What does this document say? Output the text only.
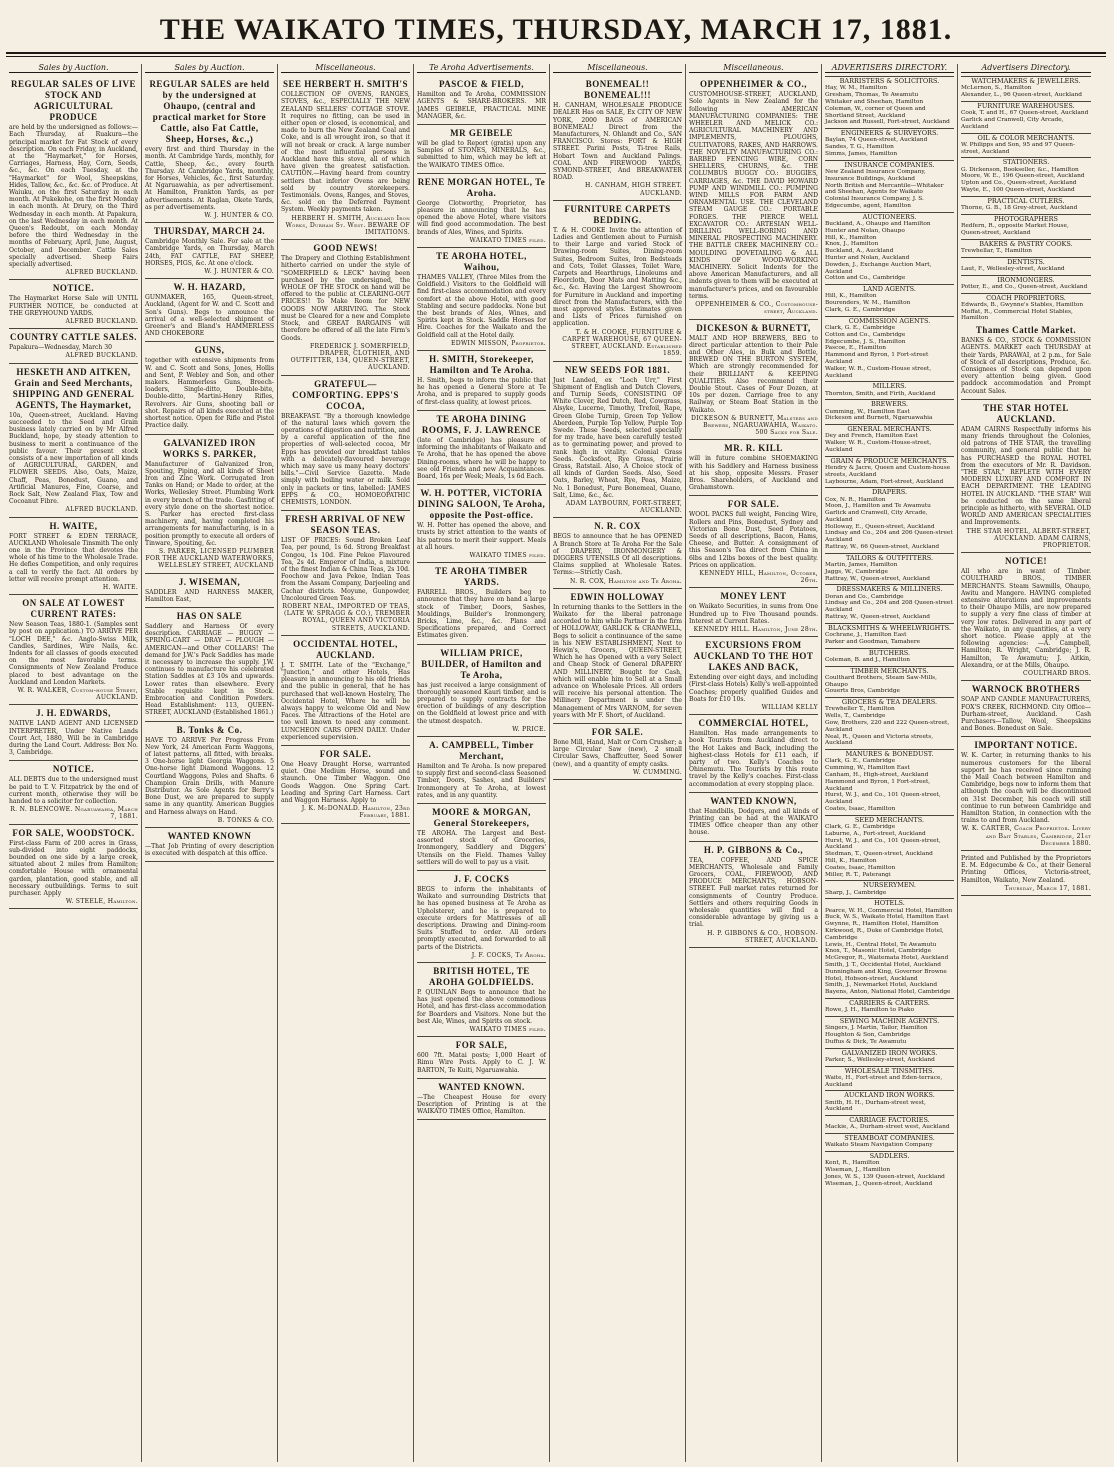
THE WAIKATO TIMES, THURSDAY, MARCH 17, 1881.
Sales by Auction.
REGULAR SALES OF LIVE STOCK AND AGRICULTURAL PRODUCE

are held by the undersigned as follows:— Each Thursday, at Ruakura—the principal market for Fat Stock of every description. On each Friday, in Auckland, at the "Haymarket," for Horses, Carriages, Harness, Hay, Corn, Seeds, &c., &c. On each Tuesday, at the "Haymarket" for Wool, Sheepskins, Hides, Tallow, &c., &c. &c. of Produce. At Waiuku, on the first Saturday in each month. At Pukekohe, on the first Monday in each month. At Drury, on the Third Wednesday in each month. At Papakura, on the last Wednesday in each month. At Queen's Redoubt, on each Monday before the third Wednesday in the months of February, April, June, August, October, and December. Cattle Sales specially advertised. Sheep Fairs specially advertised.

ALFRED BUCKLAND.
NOTICE.

The Haymarket Horse Sale will UNTIL FURTHER NOTICE, be conducted at THE GREYHOUND YARDS.

ALFRED BUCKLAND.
COUNTRY CATTLE SALES.

Papakura—Wednesday, March 30

ALFRED BUCKLAND.
HESKETH AND AITKEN, Grain and Seed Merchants, SHIPPING AND GENERAL AGENTS, The Haymarket,

10a, Queen-street, Auckland. Having succeeded to the Seed and Grain business lately carried on by Mr Alfred Buckland, hope, by steady attention to business to merit a continuance of the public favour. Their present stock consists of a new importation of all kinds of AGRICULTURAL, GARDEN, and FLOWER SEEDS. Also, Oats, Maize, Chaff, Peas, Bonedust, Guano, and Artificial Manures, Fine, Coarse, and Rock Salt, New Zealand Flax, Tow and Cocoanut Fibre.

ALFRED BUCKLAND.
H. WAITE,

FORT STREET & EDEN TERRACE, AUCKLAND Wholesale Tinsmith The only one in the Province that devotes the whole of his time to the Wholesale Trade. He defies Competition, and only requires a call to verify the fact. All orders by letter will receive prompt attention.

H. WAITE.
ON SALE AT LOWEST CURRENT RATES:

New Season Teas, 1880-1. (Samples sent by post on application.) TO ARRIVE PER "LOCH DEE," &c. Anglo-Swiss Milk, Candles, Sardines, Wire Nails, &c. Indents for all classes of goods executed on the most favorable terms. Consignments of New Zealand Produce placed to best advantage on the Auckland and London Markets.

W. R. WALKER, Custom-house Street, AUCKLAND.
J. H. EDWARDS,

NATIVE LAND AGENT AND LICENSED INTERPRETER, Under Native Lands Court Act, 1880, Will be in Cambridge during the Land Court. Address: Box No. 3, Cambridge.

NOTICE.

ALL DEBTS due to the undersigned must be paid to T. V. Fitzpatrick by the end of current month, otherwise they will be handed to a solicitor for collection.

R. N. BLENCOWE. Ngaruawahia, March 7, 1881.
FOR SALE, WOODSTOCK.

First-class Farm of 200 acres in Grass, sub-divided into eight paddocks, bounded on one side by a large creek, situated about 2 miles from Hamilton; comfortable House with ornamental garden, plantation, good stable, and all necessary outbuildings. Terms to suit purchaser. Apply

W. STEELE, Hamilton.
Sales by Auction.
REGULAR SALES are held by the undersigned at Ohaupo, (central and practical market for Store Cattle, also Fat Cattle, Sheep, Horses, &c.,)

every first and third Thursday in the month. At Cambridge Yards, monthly, for Cattle, Sheep, &c., every fourth Thursday. At Cambridge Yards, monthly, for Horses, Vehicles, &c., first Saturday. At Ngaruawahia, as per advertisement. At Hamilton, Frankton Yards, as per advertisements. At Raglan, Okete Yards, as per advertisements.

W. J. HUNTER & CO.
THURSDAY, MARCH 24.

Cambridge Monthly Sale. For sale at the Cambridge Yards, on Thursday, March 24th, FAT CATTLE, FAT SHEEP, HORSES, PIGS, &c. At one o'clock.

W. J. HUNTER & CO.
W. H. HAZARD,

GUNMAKER, 165, Queen-street, Auckland, (Agent for W. and C. Scott and Son's Guns). Begs to announce the arrival of a well-selected shipment of Greener's and Bland's HAMMERLESS AND CHOKEBORE

GUNS,

together with extensive shipments from W. and C. Scott and Sons, Jones, Hollis and Sent, P. Webley and Son, and other makers. Hammerless Guns, Breech-loaders, Single-ditto, Double-bite, Double-ditto, Martini-Henry Rifles, Revolvers. Air Guns, shooting ball or shot. Repairs of all kinds executed at the shortest notice. Open for Rifle and Pistol Practice daily.

GALVANIZED IRON WORKS S. PARKER,

Manufacturer of Galvanized Iron, Spouting, Piping, and all kinds of Sheet Iron and Zinc Work. Corrugated Iron Tanks on Hand; or Made to order, at the Works, Wellesley Street. Plumbing Work in every branch of the trade. Gasfitting of every style done on the shortest notice. S. Parker has erected first-class machinery, and, having completed his arrangements for manufacturing, is in a position promptly to execute all orders of Tinware, Spouting, &c.

S. PARKER, LICENSED PLUMBER FOR THE AUCKLAND WATERWORKS, WELLESLEY STREET, AUCKLAND
J. WISEMAN,

SADDLER AND HARNESS MAKER, Hamilton East,

HAS ON SALE

Saddlery and Harness Of every description. CARRIAGE — BUGGY — SPRING-CART — DRAY — PLOUGH — AMERICAN—and Other COLLARS! The demand for J.W.'s Pack Saddles has made it necessary to increase the supply. J.W. continues to manufacture his celebrated Station Saddles at £3 10s and upwards. Lower rates than elsewhere. Every Stable requisite kept in Stock. Embrocation and Condition Powders. Head Establishment: 113, QUEEN-STREET, AUCKLAND (Established 1861.)

B. Tonks & Co.

HAVE TO ARRIVE Per Progress From New York, 24 American Farm Waggons, of latest patterns, all fitted, with breaks. 3 One-horse light Georgia Waggons. 5 One-horse light Diamond Waggons. 12 Courtland Waggons, Poles and Shafts. 6 Champion Grain Drills, with Manure Distributor. As Sole Agents for Berry's Bone Dust, we are prepared to supply same in any quantity. American Buggies and Harness always on Hand.

B. TONKS & CO.
WANTED KNOWN

—That Job Printing of every description is executed with despatch at this office.

Miscellaneous.
SEE HERBERT H. SMITH'S

COLLECTION OF OVENS, RANGES, STOVES, &c., ESPECIALLY THE NEW ZEALAND SELLERS' COTTAGE STOVE. It requires no fitting, can be used in either open or closed, is economical, and made to burn the New Zealand Coal and Coke, and is all wrought iron, so that it will not break or crack. A large number of the most influential persons in Auckland have this stove, all of which have given the greatest satisfaction. CAUTION.—Having heard from country settlers that inferior Ovens are being sold by country storekeepers. Testimonials. Ovens, Ranges, and Stoves, &c. sold on the Deferred Payment System. Weekly payments taken.

HERBERT H. SMITH, Auckland Iron Works, Durham St. West. BEWARE OF IMITATIONS.
GOOD NEWS!

The Drapery and Clothing Establishment hitherto carried on under the style of "SOMERFIELD & LECK" having been purchased by the undersigned, the WHOLE OF THE STOCK on hand will be offered to the public at CLEARING-OUT PRICES!! To Make Room for NEW GOODS NOW ARRIVING. The Stock must be Cleared for a new and Complete Stock, and GREAT BARGAINS will therefore be offered of all the late Firm's Goods.

FREDERICK J. SOMERFIELD, DRAPER, CLOTHIER, AND OUTFITTER, 134, QUEEN-STREET, AUCKLAND.
GRATEFUL—COMFORTING. EPPS'S COCOA,

BREAKFAST. "By a thorough knowledge of the natural laws which govern the operations of digestion and nutrition, and by a careful application of the fine properties of well-selected cocoa, Mr Epps has provided our breakfast tables with a delicately-flavoured beverage which may save us many heavy doctors' bills."—Civil Service Gazette. Made simply with boiling water or milk. Sold only in packets or tins, labelled: JAMES EPPS & CO., HOMOEOPATHIC CHEMISTS, LONDON.

FRESH ARRIVAL OF NEW SEASON TEAS.

LIST OF PRICES: Sound Broken Leaf Tea, per pound, 1s 6d. Strong Breakfast Congou, 1s 10d. Fine Pekoe Flavoured Tea, 2s 4d. Emperor of India, a mixture of the finest Indian & China Teas, 2s 10d. Foochow and Java Pekoe, Indian Teas from the Assam Company, Darjeeling and Cachar districts. Moyune, Gunpowder, Uncoloured Green Teas.

ROBERT NEAL, IMPORTED OF TEAS, (LATE W. SPRAGG & CO.), TREMBER ROYAL, QUEEN AND VICTORIA STREETS, AUCKLAND.
OCCIDENTAL HOTEL, AUCKLAND.

J. T. SMITH. Late of the "Exchange," "Junction," and other Hotels, Has pleasure in announcing to his old friends and the public in general, that he has purchased that well-known Hostelry, The Occidental Hotel, Where he will be always happy to welcome Old and New Faces. The Attractions of the Hotel are too well known to need any comment. LUNCHEON CARS OPEN DAILY. Under experienced supervision.

FOR SALE.

One Heavy Draught Horse, warranted quiet. One Medium Horse, sound and staunch. One Timber Waggon. One Goods Waggon. One Spring Cart. Leading and Spring Cart Harness. Cart and Waggon Harness. Apply to

J. K. McDONALD. Hamilton, 23rd February, 1881.
Te Aroha Advertisements.
PASCOE & FIELD,

Hamilton and Te Aroha, COMMISSION AGENTS & SHARE-BROKERS. MR JAMES GEIBELE, PRACTICAL MINE MANAGER, &c.

MR GEIBELE

will be glad to Report (gratis) upon any Samples of STONES, MINERALS, &c., submitted to him, which may be left at the WAIKATO TIMES Office.

RENE MORGAN HOTEL, Te Aroha.

George Clotworthy, Proprietor, has pleasure in announcing that he has opened the above Hotel, where visitors will find good accommodation. The best brands of Ales, Wines, and Spirits.

WAIKATO TIMES filed.
TE AROHA HOTEL, Waihou,

THAMES VALLEY, (Three Miles from the Goldfield.) Visitors to the Goldfield will find first-class accommodation and every comfort at the above Hotel, with good Stabling and secure paddocks. None but the best brands of Ales, Wines, and Spirits kept in Stock. Saddle Horses for Hire. Coaches for the Waikato and the Goldfield call at the Hotel daily.

EDWIN MISSON, Proprietor.
H. SMITH, Storekeeper, Hamilton and Te Aroha.

H. Smith, begs to inform the public that he has opened a General Store at Te Aroha, and is prepared to supply goods of first-class quality, at lowest prices.

TE AROHA DINING ROOMS, F. J. LAWRENCE

(late of Cambridge) has pleasure of informing the inhabitants of Waikato and Te Aroha, that he has opened the above Dining-rooms, where he will be happy to see old Friends and new Acquaintances. Board, 16s per Week; Meals, 1s 6d Each.

W. H. POTTER, VICTORIA DINING SALOON, Te Aroha, opposite the Post-office.

W. H. Potter has opened the above, and trusts by strict attention to the wants of his patrons to merit their support. Meals at all hours.

WAIKATO TIMES filed.
TE AROHA TIMBER YARDS.

FARRELL BROS., Builders beg to announce that they have on hand a large stock of Timber, Doors, Sashes, Mouldings, Builder's Ironmongery, Bricks, Lime, &c., &c. Plans and Specifications prepared, and Correct Estimates given.

WILLIAM PRICE, BUILDER, of Hamilton and Te Aroha,

has just received a large consignment of thoroughly seasoned Kauri timber, and is prepared to supply contracts for the erection of buildings of any description on the Goldfield at lowest price and with the utmost despatch.

W. PRICE.
A. CAMPBELL, Timber Merchant,

Hamilton and Te Aroha. Is now prepared to supply first and second-class Seasoned Timber, Doors, Sashes, and Builders' Ironmongery at Te Aroha, at lowest rates, and in any quantity.

MOORE & MORGAN, General Storekeepers,

TE AROHA. The Largest and Best-assorted stock of Groceries, Ironmongery, Saddlery and Diggers' Utensils on the Field. Thames Valley settlers will do well to pay us a visit.

J. F. COCKS

BEGS to inform the inhabitants of Waikato and surrounding Districts that he has opened business at Te Aroha as Upholsterer, and he is prepared to execute orders for Mattresses of all descriptions. Drawing and Dining-room Suits Stuffed to order. All orders promptly executed, and forwarded to all parts of the Districts.

J. F. COCKS, Te Aroha.
BRITISH HOTEL, TE AROHA GOLDFIELDS.

P. QUINLAN Begs to announce that he has just opened the above commodious Hotel, and has first-class accommodation for Boarders and Visitors. None but the best Ale, Wines, and Spirits on stock.

WAIKATO TIMES filed.
FOR SALE,

600 7ft. Matai posts; 1,000 Heart of Rimu Wire Posts. Apply to C. J. W. BARTON, Te Kuiti, Ngaruawahia.

WANTED KNOWN.

—The Cheapest House for every Description of Printing is at the WAIKATO TIMES Office, Hamilton.

Miscellaneous.
BONEMEAL!! BONEMEAL!!!

H. CANHAM, WHOLESALE PRODUCE DEALER Has on SALE, Ex CITY OF NEW YORK, 2000 BAGS of AMERICAN BONEMEAL! Direct from the Manufacturers, N. Ohlandt and Co., SAN FRANCISCO. Stores: FORT & HIGH STREET. Parini Posts, Ti-tree Rails, Hobart Town and Auckland Palings. COAL AND FIREWOOD YARDS, SYMOND-STREET, And BREAKWATER ROAD.

H. CANHAM, HIGH STREET. AUCKLAND.
FURNITURE CARPETS BEDDING.

T. & H. COOKE Invite the attention of Ladies and Gentlemen about to Furnish to their Large and varied Stock of Drawing-room Suites, Dining-room Suites, Bedroom Suites, Iron Bedsteads and Cots, Toilet Glasses, Toilet Ware, Carpets and Hearthrugs, Linoleums and Floorcloth, Door Mats and Matting &c., &c., &c. Having the Largest Showroom for Furniture in Auckland and importing direct from the Manufacturers, with the most approved styles. Estimates given and Lists of Prices furnished on application.

T. & H. COOKE, FURNITURE & CARPET WAREHOUSE, 67 QUEEN-STREET, AUCKLAND. Established 1859.
NEW SEEDS FOR 1881.

Just Landed, ex "Loch Urr," First Shipment of English and Dutch Clovers, and Turnip Seeds, CONSISTING OF White Clover, Red Dutch, Red, Cowgrass, Alsyke, Lucerne, Timothy, Trefoil, Rape, Green Globe Turnip, Green Top Yellow Aberdeen, Purple Top Yellow, Purple Top Swede. These Seeds, selected specially for my trade, have been carefully tested as to germinating power, and proved to rank high in vitality. Colonial Grass Seeds. Cocksfoot, Rye Grass, Prairie Grass, Ratstail. Also, A Choice stock of all kinds of Garden Seeds. Also, Seed Oats, Barley, Wheat, Rye, Peas, Maize, No. 1 Bonedust, Pure Bonemeal, Guano, Salt, Lime, &c., &c.

ADAM LAYBOURN, FORT-STREET, AUCKLAND.
N. R. COX

BEGS to announce that he has OPENED A Branch Store at Te Aroha For the Sale of DRAPERY, IRONMONGERY & DIGGERS UTENSILS Of all descriptions. Claims supplied at Wholesale Rates. Terms:—Strictly Cash.

N. R. COX, Hamilton and Te Aroha.
EDWIN HOLLOWAY

In returning thanks to the Settlers in the Waikato for the liberal patronage accorded to him while Partner in the firm of HOLLOWAY, GARLICK & CRANWELL, Begs to solicit a continuance of the same in his NEW ESTABLISHMENT, Next to Hewin's, Grocers, QUEEN-STREET, Which he has Opened with a very Select and Cheap Stock of General DRAPERY AND MILLINERY, Bought for Cash, which will enable him to Sell at a Small advance on Wholesale Prices. All orders will receive his personal attention. The Millinery Department is under the Management of Mrs VARNOM, for seven years with Mr F. Short, of Auckland.

FOR SALE.

Bone Mill, Hand, Malt or Corn Crusher; a large Circular Saw (new), 2 small Circular Saws, Chaffcutter, Seed Sower (new), and a quantity of empty casks.

W. CUMMING.
Miscellaneous.
OPPENHEIMER & CO.,

CUSTOMHOUSE-STREET, AUCKLAND, Sole Agents in New Zealand for the following AMERICAN MANUFACTURING COMPANIES: THE WHEELER AND MELICK CO.: AGRICULTURAL MACHINERY AND IMPLEMENTS, PLOUGHS, CULTIVATORS, RAKES, AND HARROWS. THE NOVELTY MANUFACTURING CO.: BARBED FENCING WIRE, CORN SHELLERS, CHURNS, &c. THE COLUMBUS BUGGY CO.: BUGGIES, CARRIAGES, &c. THE DAVID HOWARD PUMP AND WINDMILL CO.: PUMPING WIND MILLS FOR FARM AND ORNAMENTAL USE. THE CLEVELAND STEAM GAUGE CO.: PORTABLE FORGES. THE PIERCE WELL EXCAVATOR CO.: ARTESIAN WELL-DRILLING WELL-BORING AND MINERAL PROSPECTING MACHINERY. THE BATTLE CREEK MACHINERY CO.: MOULDING DOVETAILING & ALL KINDS OF WOOD-WORKING MACHINERY. Solicit Indents for the above American Manufacturers, and all indents given to them will be executed at manufacturer's prices, and on favourable terms.

OPPENHEIMER & CO., Customhouse-street, Auckland.
DICKESON & BURNETT,

MALT AND HOP BREWERS, BEG to direct particular attention to their Pale and Other Ales, in Bulk and Bottle, BREWED ON THE BURTON SYSTEM, Which are strongly recommended for their BRILLIANT & KEEPING QUALITIES. Also recommend their Double Stout. Cases of Four Dozen, at 10s per dozen. Carriage free to any Railway, or Steam Boat Station in the Waikato.

DICKESON & BURNETT, Malsters and Brewers, NGARUAWAHIA, Waikato. 500 Sacks for Sale.
MR. R. KILL

will in future combine SHOEMAKING with his Saddlery and Harness business at his shop, opposite Messrs. Fraser Bros. Shareholders, of Auckland and Grahamstown.

FOR SALE.

WOOL PACKS full weight, Fencing Wire, Rollers and Pins, Bonedust, Sydney and Victorian Bone Dust, Seed Potatoes, Seeds of all descriptions, Bacon, Hams, Cheese, and Butter. A consignment of this Season's Tea direct from China in 6lbs and 12lbs boxes of the best quality. Prices on application.

KENNEDY HILL, Hamilton, October, 26th.
MONEY LENT

on Waikato Securities, in sums from One Hundred up to Five Thousand pounds. Interest at Current Rates.

KENNEDY HILL. Hamilton, June 28th.
EXCURSIONS FROM AUCKLAND TO THE HOT LAKES AND BACK,

Extending over eight days, and including (First-class Hotels) Kelly's well-appointed Coaches; properly qualified Guides and Boats for £10 10s.

WILLIAM KELLY
COMMERCIAL HOTEL,

Hamilton. Has made arrangements to book Tourists from Auckland direct to the Hot Lakes and Back, including the highest-class Hotels for £11 each, if party of two. Kelly's Coaches to Ohinemutu. The Tourists by this route travel by the Kelly's coaches. First-class accommodation at every stopping place.

WANTED KNOWN,

that Handbills, Dodgers, and all kinds of Printing can be had at the WAIKATO TIMES Office cheaper than any other house.

H. P. GIBBONS & Co.,

TEA, COFFEE, AND SPICE MERCHANTS, Wholesale and Family Grocers, COAL, FIREWOOD, AND PRODUCE MERCHANTS, HOBSON-STREET. Full market rates returned for consignments of Country Produce. Settlers and others requiring Goods in wholesale quantities will find a considerable advantage by giving us a trial.

H. P. GIBBONS & CO., HOBSON-STREET, AUCKLAND.
ADVERTISERS DIRECTORY.
BARRISTERS & SOLICITORS.
Hay, W. M., Hamilton
Gresham, Thomas, Te Awamutu
Whitaker and Sheehan, Hamilton
Coleman, W., corner of Queen and Shortland Street, Auckland
Jackson and Russell, Fort-street, Auckland
ENGINEERS & SURVEYORS.
Baylan, 74 Queen-street, Auckland
Sandes, T. G., Hamilton
Simms, James, Hamilton
INSURANCE COMPANIES.
New Zealand Insurance Company, Insurance Buildings, Auckland
North British and Mercantile—Whitaker and Sheehan, Agents for Waikato
Colonial Insurance Company, J. S. Edgecumbe, agent, Hamilton
AUCTIONEERS.
Buckland, A., Ohaupo and Hamilton
Hunter and Nolan, Ohaupo
Hill, K., Hamilton
Knox, J., Hamilton
Buckland, A., Auckland
Hunter and Nolan, Auckland
Dowden, J., Exchange Auction Mart, Auckland
Cotton and Co., Cambridge
LAND AGENTS.
Hill, K., Hamilton
Bourenders, W. M., Hamilton
Clark, G. E., Cambridge
COMMISSION AGENTS.
Clark, G. E., Cambridge
Cotton and Co., Cambridge
Edgecumbe, J. S., Hamilton
Pascoe, E., Hamilton
Hammond and Byron, 1 Fort-street Auckland
Walker, W. R., Custom-House street, Auckland
MILLERS.
Thornton, Smith, and Firth, Auckland
BREWERS.
Cumming, W., Hamilton East
Dickeson and Burnett, Ngaruawahia
GENERAL MERCHANTS.
Dey and French, Hamilton East
Walker, W. R., Custom-House-street, Auckland
GRAIN & PRODUCE MERCHANTS.
Hendry & Jacre, Queen and Custom-house streets, Auckland
Laybourne, Adam, Fort-street, Auckland
DRAPERS.
Cox, N. R., Hamilton
Moon, J., Hamilton and Te Awamutu
Garlick and Cranwell, City Arcade, Auckland
Holloway, E., Queen-street, Auckland
Lindsay and Co., 204 and 206 Queen-street Auckland
Rattray, W., 66 Queen-street, Auckland
TAILORS & OUTFITTERS.
Martin, James, Hamilton
Jaggs, W., Cambridge
Rattray, W., Queen-street, Auckland
DRESSMAKERS & MILLINERS.
Doran and Co., Cambridge
Lindsay and Co., 204 and 208 Queen-street Auckland
Rattray, W., Queen-street, Auckland
BLACKSMITHS & WHEELWRIGHTS.
Cochrane, J., Hamilton East
Parker and Goodman, Tamahere
BUTCHERS.
Coleman, B. and J., Hamilton
TIMBER MERCHANTS.
Coulthard Brothers, Steam Saw-Mills, Ohaupo
Gouerts Bros, Cambridge
GROCERS & TEA DEALERS.
Trewheller T., Hamilton
Wells, T., Cambridge
Gow, Brothers, 220 and 222 Queen-street, Auckland
Neal, R., Queen and Victoria streets, Auckland
MANURES & BONEDUST.
Clark, G. E., Cambridge
Cumming, W., Hamilton East
Canham, H., High-street, Auckland
Hammond and Byron, 1 Fort-street, Auckland
Hurst, W. J., and Co., 101 Queen-street, Auckland
Coates, Isaac, Hamilton
SEED MERCHANTS.
Clark, G. E., Cambridge
Laburne, A., Fort-street, Auckland
Hurst, W. J., and Co., 101 Queen-street, Auckland
Stedman, T., Queen-street, Auckland
Hill, K., Hamilton
Coates, Isaac, Hamilton
Miller, R. T., Paterangi
NURSERYMEN.
Sharp, J., Cambridge
HOTELS.
Pearce, W. H., Commercial Hotel, Hamilton
Buck, W. S., Waikato Hotel, Hamilton East
Gwynne, R., Hamilton Hotel, Hamilton
Kirkwood, R., Duke of Cambridge Hotel, Cambridge
Lewis, H., Central Hotel, Te Awamutu
Knox, T., Masonic Hotel, Cambridge
McGregor, R., Waitemata Hotel, Auckland
Smith, J. T., Occidental Hotel, Auckland
Dunningham and King, Governor Browne Hotel, Hobson-street, Auckland
Smith, J., Newmarket Hotel, Auckland
Bayens, Anton, National Hotel, Cambridge
CARRIERS & CARTERS.
Rowe, J. H., Hamilton to Piako
SEWING MACHINE AGENTS.
Singers, J. Martin, Tailor, Hamilton
Houghton & Son, Cambridge
Duffus & Dick, Te Awamutu
GALVANIZED IRON WORKS.
Parker, S., Wellesley-street, Auckland
WHOLESALE TINSMITHS.
Waite, H., Fort-street and Eden-terrace, Auckland
AUCKLAND IRON WORKS.
Smith, H. H., Durham-street west, Auckland
CARRIAGE FACTORIES.
Mackie, A., Durham-street west, Auckland
STEAMBOAT COMPANIES.
Waikato Steam Navigation Company
SADDLERS.
Kent, R., Hamilton
Wiseman, J., Hamilton
Jones, W. S., 139 Queen-street, Auckland
Wiseman, J., Queen-street, Auckland
Advertisers Directory.
WATCHMAKERS & JEWELLERS.
McLernon, S., Hamilton
Alexander, L., 96 Queen-street, Auckland
FURNITURE WAREHOUSES.
Cook, T. and H., 67 Queen-street, Auckland
Garlick and Cranwell, City Arcade, Auckland
OIL & COLOR MERCHANTS.
W. Philipps and Son, 95 and 97 Queen-street, Auckland
STATIONERS.
G. Dickenson, Bookseller, &c., Hamilton
Moore, W. E., 196 Queen-street, Auckland
Upton and Co., Queen-street, Auckland
Wayte, E., 100 Queen-street, Auckland
PRACTICAL CUTLERS.
Thorne, G. B., 18 Grey-street, Auckland
PHOTOGRAPHERS
Redfern, R., opposite Market House, Queen-street, Auckland
BAKERS & PASTRY COOKS.
Trewhellar, T., Hamilton
DENTISTS.
Laut, F., Wellesley-street, Auckland
IRONMONGERS.
Potter, E., and Co., Queen-street, Auckland
COACH PROPRIETORS.
Edwards, B., Gwynne's Stables, Hamilton
Moffat, R., Commercial Hotel Stables, Hamilton
Thames Cattle Market.

BANKS & CO., STOCK & COMMISSION AGENTS. MARKET each THURSDAY at their Yards, PARAWAI, at 2 p.m., for Sale of Stock of all descriptions, Produce, &c. Consignees of Stock can depend upon every attention being given. Good paddock accommodation and Prompt Account Sales.

THE STAR HOTEL AUCKLAND.

ADAM CAIRNS Respectfully informs his many friends throughout the Colonies, old patrons of THE STAR, the travelling community, and general public that he has PURCHASED the ROYAL HOTEL from the executors of Mr. R. Davidson. "THE STAR," REPLETE WITH EVERY MODERN LUXURY AND COMFORT IN EACH DEPARTMENT. THE LEADING HOTEL IN AUCKLAND. "THE STAR" Will be conducted on the same liberal principle as hitherto, with SEVERAL OLD WORLD AND AMERICAN SPECIALITIES and Improvements.

THE STAR HOTEL, ALBERT-STREET, AUCKLAND. ADAM CAIRNS, PROPRIETOR.
NOTICE!

All who are in want of Timber. COULTHARD BROS., TIMBER MERCHANTS. Steam Sawmills, Ohaupo, Awitu and Mangere. HAVING completed extensive alterations and improvements to their Ohaupo Mills, are now prepared to supply a very fine class of timber at very low rates. Delivered in any part of the Waikato, in any quantities, at a very short notice. Please apply at the following agencies: —A. Campbell, Hamilton; R. Wright, Cambridge; J. R. Hamilton, Te Awamutu; J. Aitkin, Alexandra, or at the Mills, Ohaupo.

COULTHARD BROS.
WARNOCK BROTHERS

SOAP AND CANDLE MANUFACTURERS, FOX'S CREEK, RICHMOND. City Office—Durham-street, Auckland. Cash Purchasers—Tallow, Wool, Sheepskins and Bones. Bonedust on Sale.

IMPORTANT NOTICE.

W. K. Carter, in returning thanks to his numerous customers for the liberal support he has received since running the Mail Coach between Hamilton and Cambridge, begs now to inform them that although the coach will be discontinued on 31st December, his coach will still continue to run between Cambridge and Hamilton Station, in connection with the trains to and from Auckland.

W. K. CARTER, Coach Proprietor. Livery and Bait Stables, Cambridge, 21st December 1880.

Printed and Published by the Proprietors E. M. Edgecumbe & Co., at their General Printing Offices, Victoria-street, Hamilton, Waikato, New Zealand.

Thursday, March 17, 1881.
